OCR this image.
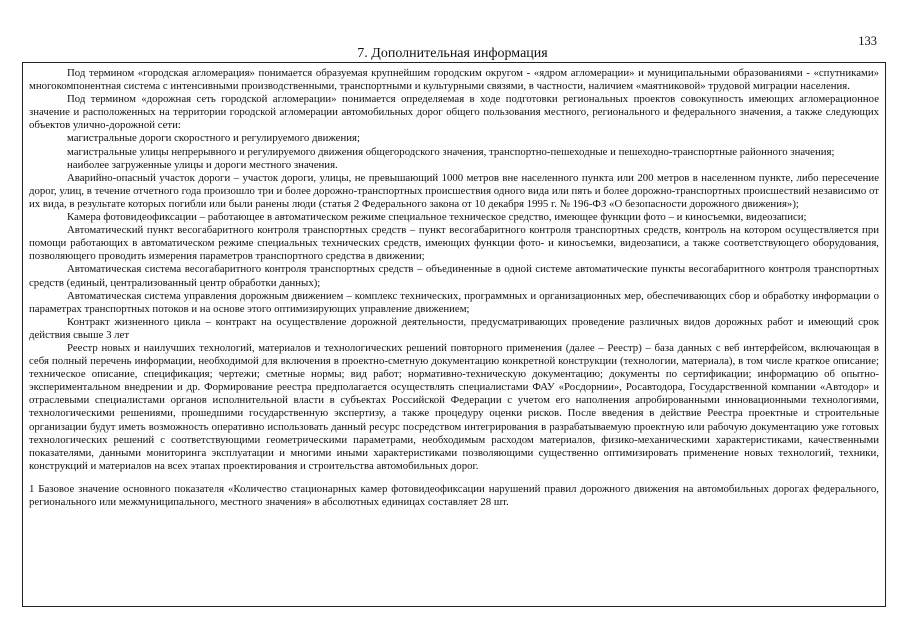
133
7. Дополнительная информация

Под термином «городская агломерация» понимается образуемая крупнейшим городским округом - «ядром агломерации» и муниципальными образованиями - «спутниками» многокомпонентная система с интенсивными производственными, транспортными и культурными связями, в частности, наличием «маятниковой» трудовой миграции населения.

Под термином «дорожная сеть городской агломерации» понимается определяемая в ходе подготовки региональных проектов совокупность имеющих агломерационное значение и расположенных на территории городской агломерации автомобильных дорог общего пользования местного, регионального и федерального значения, а также следующих объектов улично-дорожной сети:

магистральные дороги скоростного и регулируемого движения;

магистральные улицы непрерывного и регулируемого движения общегородского значения, транспортно-пешеходные и пешеходно-транспортные районного значения;

наиболее загруженные улицы и дороги местного значения.

Аварийно-опасный участок дороги – участок дороги, улицы, не превышающий 1000 метров вне населенного пункта или 200 метров в населенном пункте, либо пересечение дорог, улиц, в течение отчетного года произошло три и более дорожно-транспортных происшествия одного вида или пять и более дорожно-транспортных происшествий независимо от их вида, в результате которых погибли или были ранены люди (статья 2 Федерального закона от 10 декабря 1995 г. № 196-ФЗ «О безопасности дорожного движения»);

Камера фотовидеофиксации – работающее в автоматическом режиме специальное техническое средство, имеющее функции фото – и киносъемки, видеозаписи;

Автоматический пункт весогабаритного контроля транспортных средств – пункт весогабаритного контроля транспортных средств, контроль на котором осуществляется при помощи работающих в автоматическом режиме специальных технических средств, имеющих функции фото- и киносъемки, видеозаписи, а также соответствующего оборудования, позволяющего проводить измерения параметров транспортного средства в движении;

Автоматическая система весогабаритного контроля транспортных средств – объединенные в одной системе автоматические пункты весогабаритного контроля транспортных средств (единый, централизованный центр обработки данных);

Автоматическая система управления дорожным движением – комплекс технических, программных и организационных мер, обеспечивающих сбор и обработку информации о параметрах транспортных потоков и на основе этого оптимизирующих управление движением;

Контракт жизненного цикла – контракт на осуществление дорожной деятельности, предусматривающих проведение различных видов дорожных работ и имеющий срок действия свыше 3 лет

Реестр новых и наилучших технологий, материалов и технологических решений повторного применения (далее – Реестр) – база данных с веб интерфейсом, включающая в себя полный перечень информации, необходимой для включения в проектно-сметную документацию конкретной конструкции (технологии, материала), в том числе краткое описание; техническое описание, спецификация; чертежи; сметные нормы; вид работ; нормативно-техническую документацию; документы по сертификации; информацию об опытно-экспериментальном внедрении и др. Формирование реестра предполагается осуществлять специалистами ФАУ «Росдорнии», Росавтодора, Государственной компании «Автодор» и отраслевыми специалистами органов исполнительной власти в субъектах Российской Федерации с учетом его наполнения апробированными инновационными технологиями, технологическими решениями, прошедшими государственную экспертизу, а также процедуру оценки рисков. После введения в действие Реестра проектные и строительные организации будут иметь возможность оперативно использовать данный ресурс посредством интегрирования в разрабатываемую проектную или рабочую документацию уже готовых технологических решений с соответствующими геометрическими параметрами, необходимым расходом материалов, физико-механическими характеристиками, качественными показателями, данными мониторинга эксплуатации и многими иными характеристиками позволяющими существенно оптимизировать применение новых технологий, техники, конструкций и материалов на всех этапах проектирования и строительства автомобильных дорог.

1 Базовое значение основного показателя «Количество стационарных камер фотовидеофиксации нарушений правил дорожного движения на автомобильных дорогах федерального, регионального или межмуниципального, местного значения» в абсолютных единицах составляет 28 шт.
